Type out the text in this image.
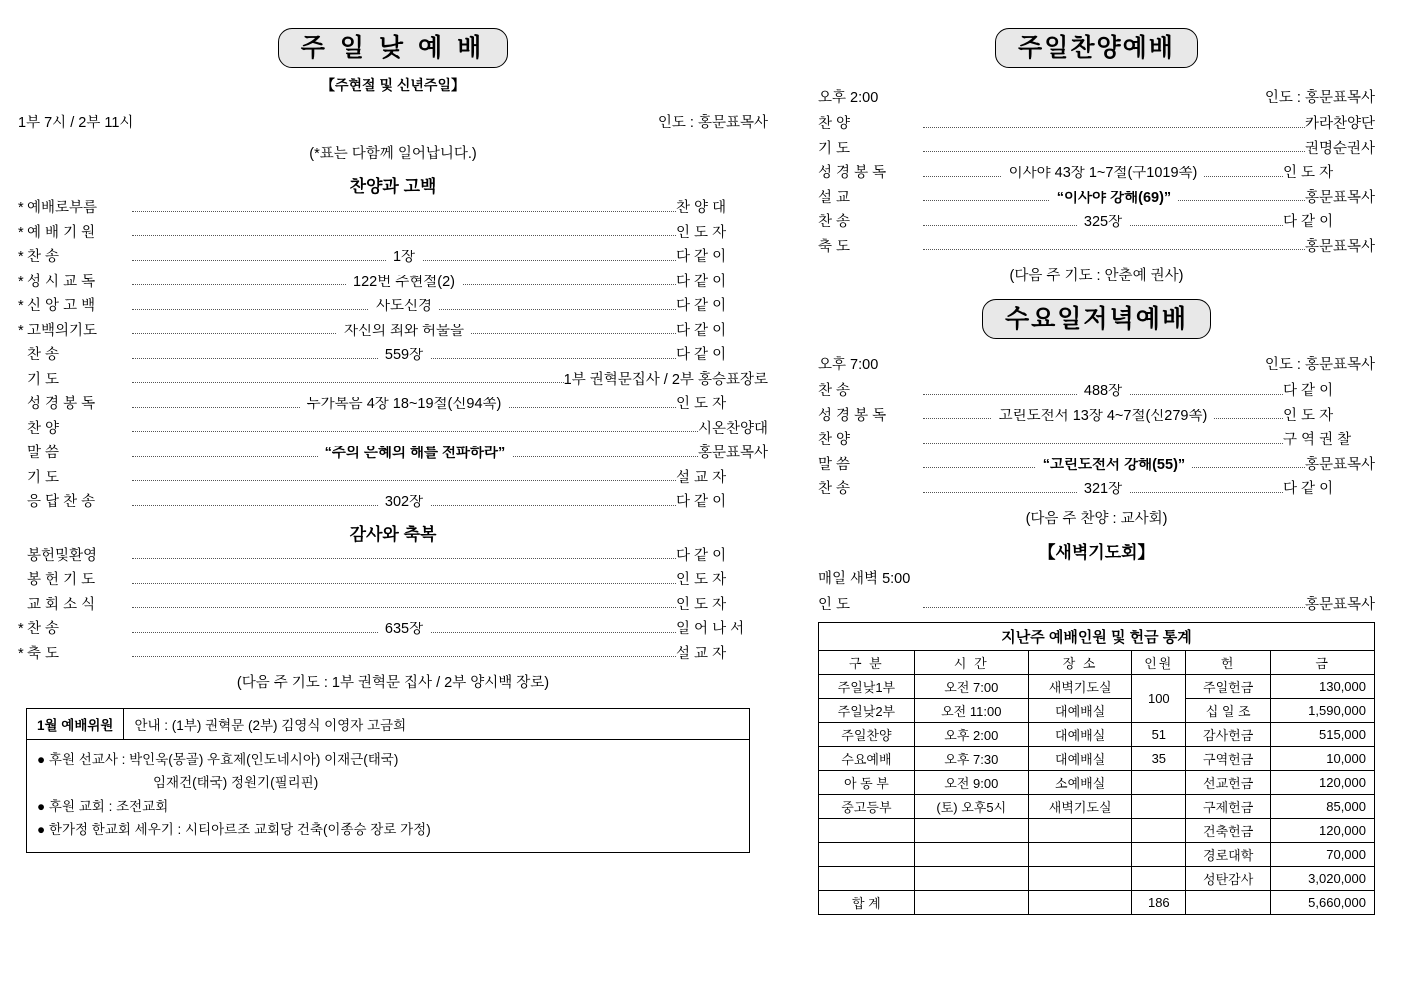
주 일 낮 예 배
【주현절 및 신년주일】
1부 7시 / 2부 11시	인도 : 홍문표목사
(*표는 다함께 일어납니다.)
찬양과 고백
* 예배로부름	찬 양 대
* 예 배 기 원	인 도 자
* 찬 송	1장	다 같 이
* 성 시 교 독	122번 주현절(2)	다 같 이
* 신 앙 고 백	사도신경	다 같 이
* 고백의기도	자신의 죄와 허물을	다 같 이
찬 송	559장	다 같 이
기 도	1부 권혁문집사 / 2부 홍승표장로
성 경 봉 독	누가복음 4장 18~19절(신94쪽)	인 도 자
찬 양	시온찬양대
말 씀	“주의 은혜의 해를 전파하라”	홍문표목사
기 도	설 교 자
응 답 찬 송	302장	다 같 이
감사와 축복
봉헌및환영	다 같 이
봉 헌 기 도	인 도 자
교 회 소 식	인 도 자
* 찬 송	635장	일 어 나 서
* 축 도	설 교 자
(다음 주 기도 : 1부 권혁문 집사 / 2부 양시백 장로)
1월 예배위원	안내 : (1부) 권혁문 (2부) 김영식 이영자 고금희
● 후원 선교사 : 박인욱(몽골) 우효제(인도네시아) 이재근(태국)
임재건(태국) 정원기(필리핀)
● 후원 교회 : 조전교회
● 한가정 한교회 세우기 : 시티아르조 교회당 건축(이종승 장로 가정)
주일찬양예배
오후 2:00	인도 : 홍문표목사
찬 양	카라찬양단
기 도	권명순권사
성 경 봉 독	이사야 43장 1~7절(구1019쪽)	인 도 자
설 교	“이사야 강해(69)”	홍문표목사
찬 송	325장	다 같 이
축 도	홍문표목사
(다음 주 기도 : 안춘예 권사)
수요일저녁예배
오후 7:00	인도 : 홍문표목사
찬 송	488장	다 같 이
성 경 봉 독	고린도전서 13장 4~7절(신279쪽)	인 도 자
찬 양	구 역 권 찰
말 씀	“고린도전서 강해(55)”	홍문표목사
찬 송	321장	다 같 이
(다음 주 찬양 : 교사회)
【새벽기도회】
매일 새벽 5:00
인 도	홍문표목사
지난주 예배인원 및 헌금 통계					
구 분	시 간	장 소	인원	헌	금
주일낮1부	오전 7:00	새벽기도실	100	주일헌금	130,000
주일낮2부	오전 11:00	대예배실		십 일 조	1,590,000
주일찬양	오후 2:00	대예배실	51	감사헌금	515,000
수요예배	오후 7:30	대예배실	35	구역헌금	10,000
아 동 부	오전 9:00	소예배실		선교헌금	120,000
중고등부	(토) 오후5시	새벽기도실		구제헌금	85,000
				건축헌금	120,000
				경로대학	70,000
				성탄감사	3,020,000
합 계			186		5,660,000
